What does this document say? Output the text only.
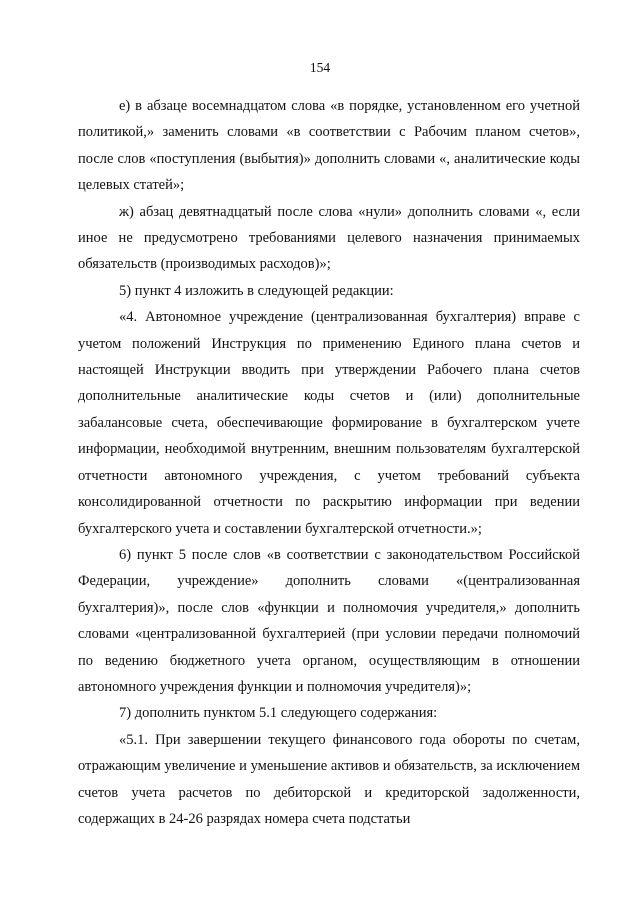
154

е) в абзаце восемнадцатом слова «в порядке, установленном его учетной политикой,» заменить словами «в соответствии с Рабочим планом счетов», после слов «поступления (выбытия)» дополнить словами «, аналитические коды целевых статей»;

ж) абзац девятнадцатый после слова «нули» дополнить словами «, если иное не предусмотрено требованиями целевого назначения принимаемых обязательств (производимых расходов)»;

5) пункт 4 изложить в следующей редакции:

«4. Автономное учреждение (централизованная бухгалтерия) вправе с учетом положений Инструкция по применению Единого плана счетов и настоящей Инструкции вводить при утверждении Рабочего плана счетов дополнительные аналитические коды счетов и (или) дополнительные забалансовые счета, обеспечивающие формирование в бухгалтерском учете информации, необходимой внутренним, внешним пользователям бухгалтерской отчетности автономного учреждения, с учетом требований субъекта консолидированной отчетности по раскрытию информации при ведении бухгалтерского учета и составлении бухгалтерской отчетности.»;

6) пункт 5 после слов «в соответствии с законодательством Российской Федерации, учреждение» дополнить словами «(централизованная бухгалтерия)», после слов «функции и полномочия учредителя,» дополнить словами «централизованной бухгалтерией (при условии передачи полномочий по ведению бюджетного учета органом, осуществляющим в отношении автономного учреждения функции и полномочия учредителя)»;

7) дополнить пунктом 5.1 следующего содержания:

«5.1. При завершении текущего финансового года обороты по счетам, отражающим увеличение и уменьшение активов и обязательств, за исключением счетов учета расчетов по дебиторской и кредиторской задолженности, содержащих в 24-26 разрядах номера счета подстатьи
